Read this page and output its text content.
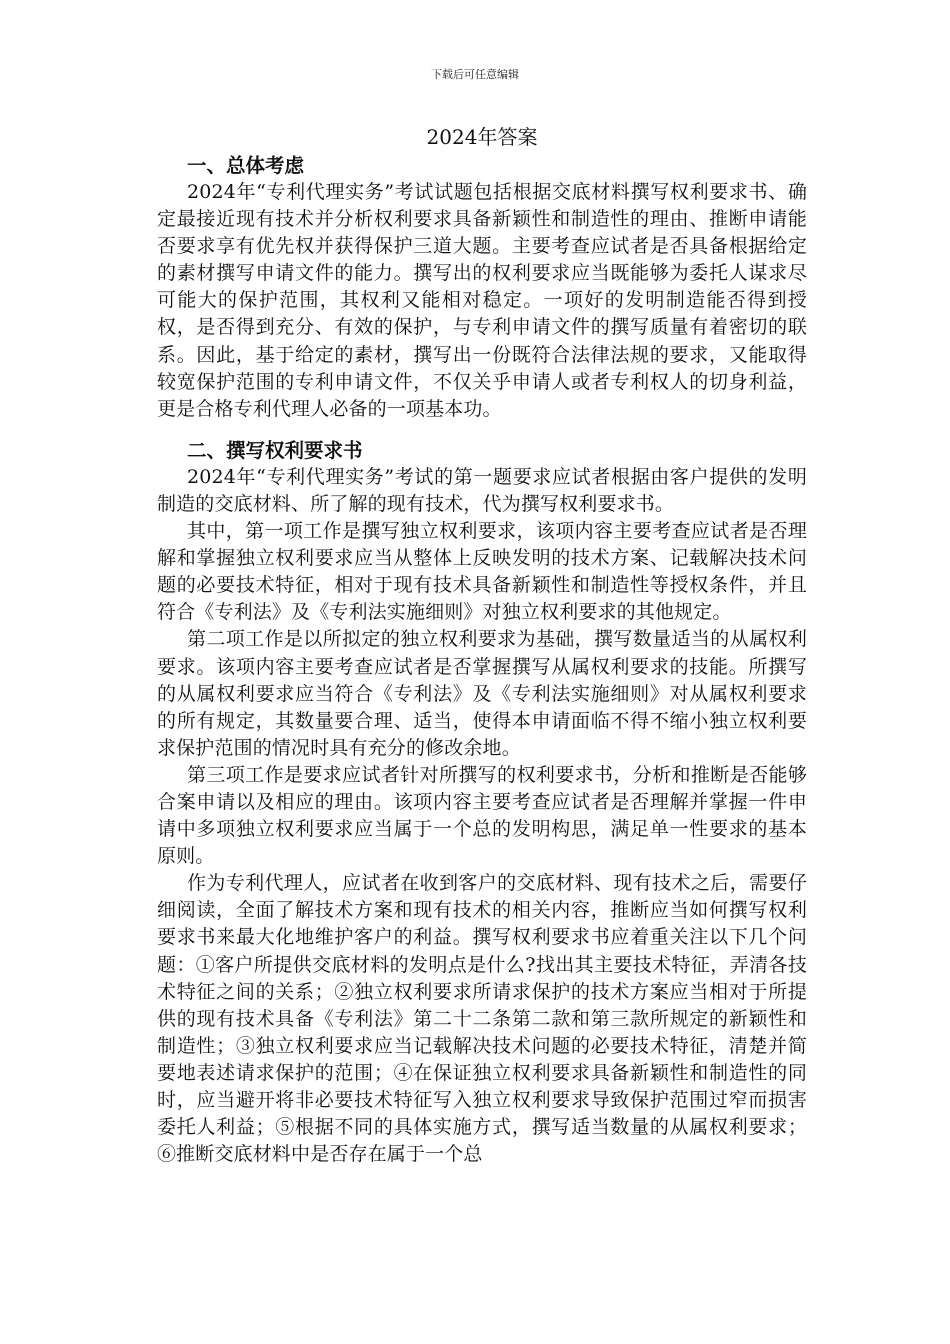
下载后可任意编辑
2024年答案
一、总体考虑

2024年“专利代理实务”考试试题包括根据交底材料撰写权利要求书、确定最接近现有技术并分析权利要求具备新颖性和制造性的理由、推断申请能否要求享有优先权并获得保护三道大题。主要考查应试者是否具备根据给定的素材撰写申请文件的能力。撰写出的权利要求应当既能够为委托人谋求尽可能大的保护范围，其权利又能相对稳定。一项好的发明制造能否得到授权，是否得到充分、有效的保护，与专利申请文件的撰写质量有着密切的联系。因此，基于给定的素材，撰写出一份既符合法律法规的要求，又能取得较宽保护范围的专利申请文件，不仅关乎申请人或者专利权人的切身利益，更是合格专利代理人必备的一项基本功。

二、撰写权利要求书

2024年“专利代理实务”考试的第一题要求应试者根据由客户提供的发明制造的交底材料、所了解的现有技术，代为撰写权利要求书。

其中，第一项工作是撰写独立权利要求，该项内容主要考查应试者是否理解和掌握独立权利要求应当从整体上反映发明的技术方案、记载解决技术问题的必要技术特征，相对于现有技术具备新颖性和制造性等授权条件，并且符合《专利法》及《专利法实施细则》对独立权利要求的其他规定。

第二项工作是以所拟定的独立权利要求为基础，撰写数量适当的从属权利要求。该项内容主要考查应试者是否掌握撰写从属权利要求的技能。所撰写的从属权利要求应当符合《专利法》及《专利法实施细则》对从属权利要求的所有规定，其数量要合理、适当，使得本申请面临不得不缩小独立权利要求保护范围的情况时具有充分的修改余地。

第三项工作是要求应试者针对所撰写的权利要求书，分析和推断是否能够合案申请以及相应的理由。该项内容主要考查应试者是否理解并掌握一件申请中多项独立权利要求应当属于一个总的发明构思，满足单一性要求的基本原则。

作为专利代理人，应试者在收到客户的交底材料、现有技术之后，需要仔细阅读，全面了解技术方案和现有技术的相关内容，推断应当如何撰写权利要求书来最大化地维护客户的利益。撰写权利要求书应着重关注以下几个问题：①客户所提供交底材料的发明点是什么?找出其主要技术特征，弄清各技术特征之间的关系；②独立权利要求所请求保护的技术方案应当相对于所提供的现有技术具备《专利法》第二十二条第二款和第三款所规定的新颖性和制造性；③独立权利要求应当记载解决技术问题的必要技术特征，清楚并简要地表述请求保护的范围；④在保证独立权利要求具备新颖性和制造性的同时，应当避开将非必要技术特征写入独立权利要求导致保护范围过窄而损害委托人利益；⑤根据不同的具体实施方式，撰写适当数量的从属权利要求；⑥推断交底材料中是否存在属于一个总
